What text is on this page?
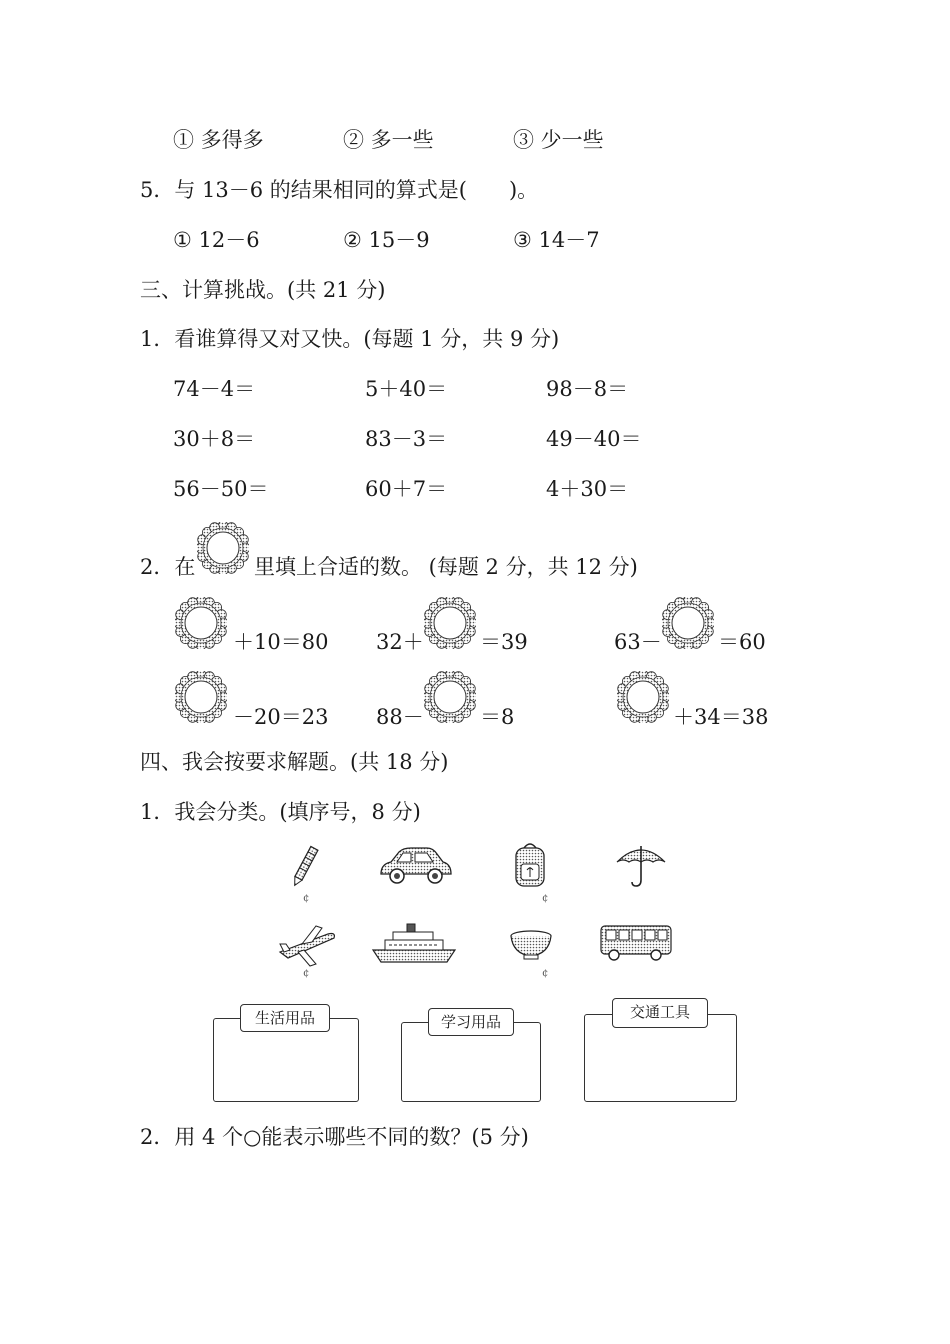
① 多得多	② 多一些	③ 少一些
5．与 13－6 的结果相同的算式是(　　)。
① 12－6	② 15－9	③ 14－7
三、计算挑战。(共 21 分)
1．看谁算得又对又快。(每题 1 分，共 9 分)
74－4＝	5＋40＝	98－8＝
30＋8＝	83－3＝	49－40＝
56－50＝	60＋7＝	4＋30＝
2．在	里填上合适的数。 (每题 2 分，共 12 分)
＋10＝80 32＋	＝39	63－	＝60
－20＝23 88－	＝8	＋34＝38
四、我会按要求解题。(共 18 分)
1．我会分类。(填序号，8 分)
¢	¢
¢	¢
生活用品	学习用品
交通工具
2．用 4 个○能表示哪些不同的数？(5 分)
